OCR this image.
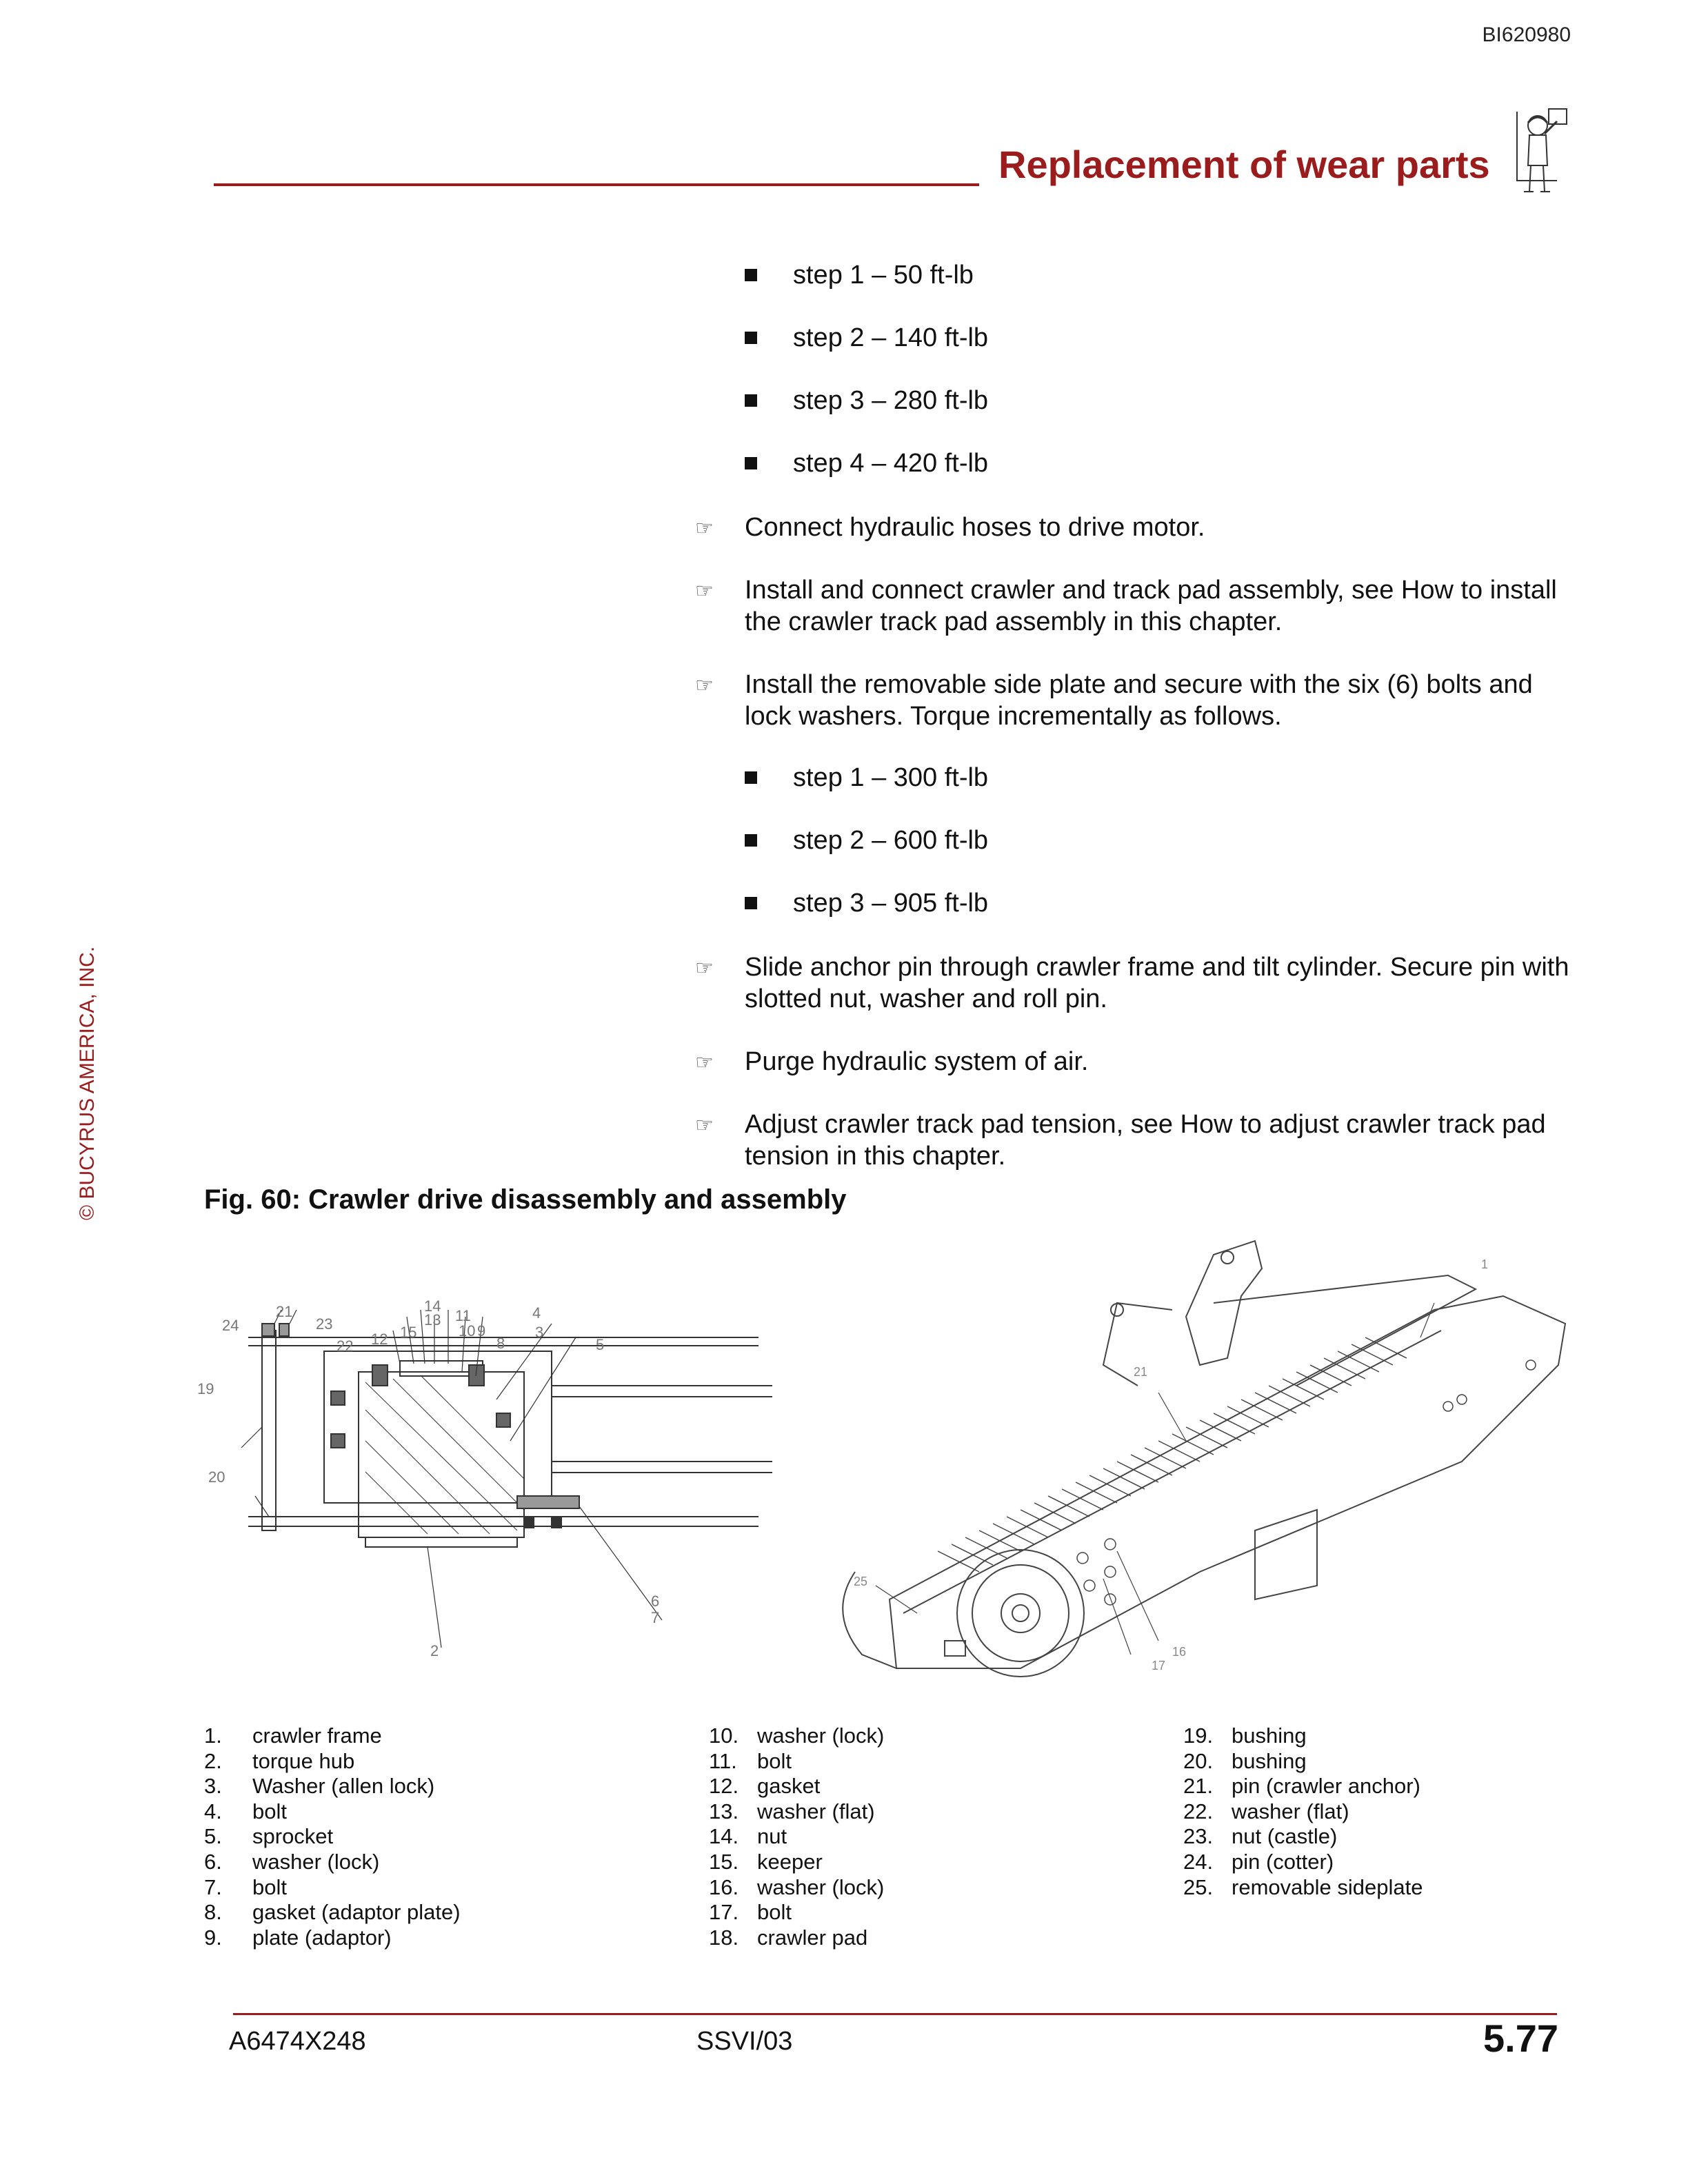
BI620980
Replacement of wear parts
© BUCYRUS AMERICA, INC.
step 1 – 50 ft-lb
step 2 – 140 ft-lb
step 3 – 280 ft-lb
step 4 – 420 ft-lb
☞ Connect hydraulic hoses to drive motor.
☞ Install and connect crawler and track pad assembly, see How to install the crawler track pad assembly in this chapter.
☞ Install the removable side plate and secure with the six (6) bolts and lock washers. Torque incrementally as follows.
step 1 – 300 ft-lb
step 2 – 600 ft-lb
step 3 – 905 ft-lb
☞ Slide anchor pin through crawler frame and tilt cylinder. Secure pin with slotted nut, washer and roll pin.
☞ Purge hydraulic system of air.
☞ Adjust crawler track pad tension, see How to adjust crawler track pad tension in this chapter.
Fig. 60: Crawler drive disassembly and assembly
24
21
23
22 12 15
14
13 11
10 9
8
4
3
5
19
20
6
7
2
1
21
25
17
16
1. crawler frame
2. torque hub
3. Washer (allen lock)
4. bolt
5. sprocket
6. washer (lock)
7. bolt
8. gasket (adaptor plate)
9. plate (adaptor)
10. washer (lock)
11. bolt
12. gasket
13. washer (flat)
14. nut
15. keeper
16. washer (lock)
17. bolt
18. crawler pad
19. bushing
20. bushing
21. pin (crawler anchor)
22. washer (flat)
23. nut (castle)
24. pin (cotter)
25. removable sideplate
A6474X248	SSVI/03	5.77
